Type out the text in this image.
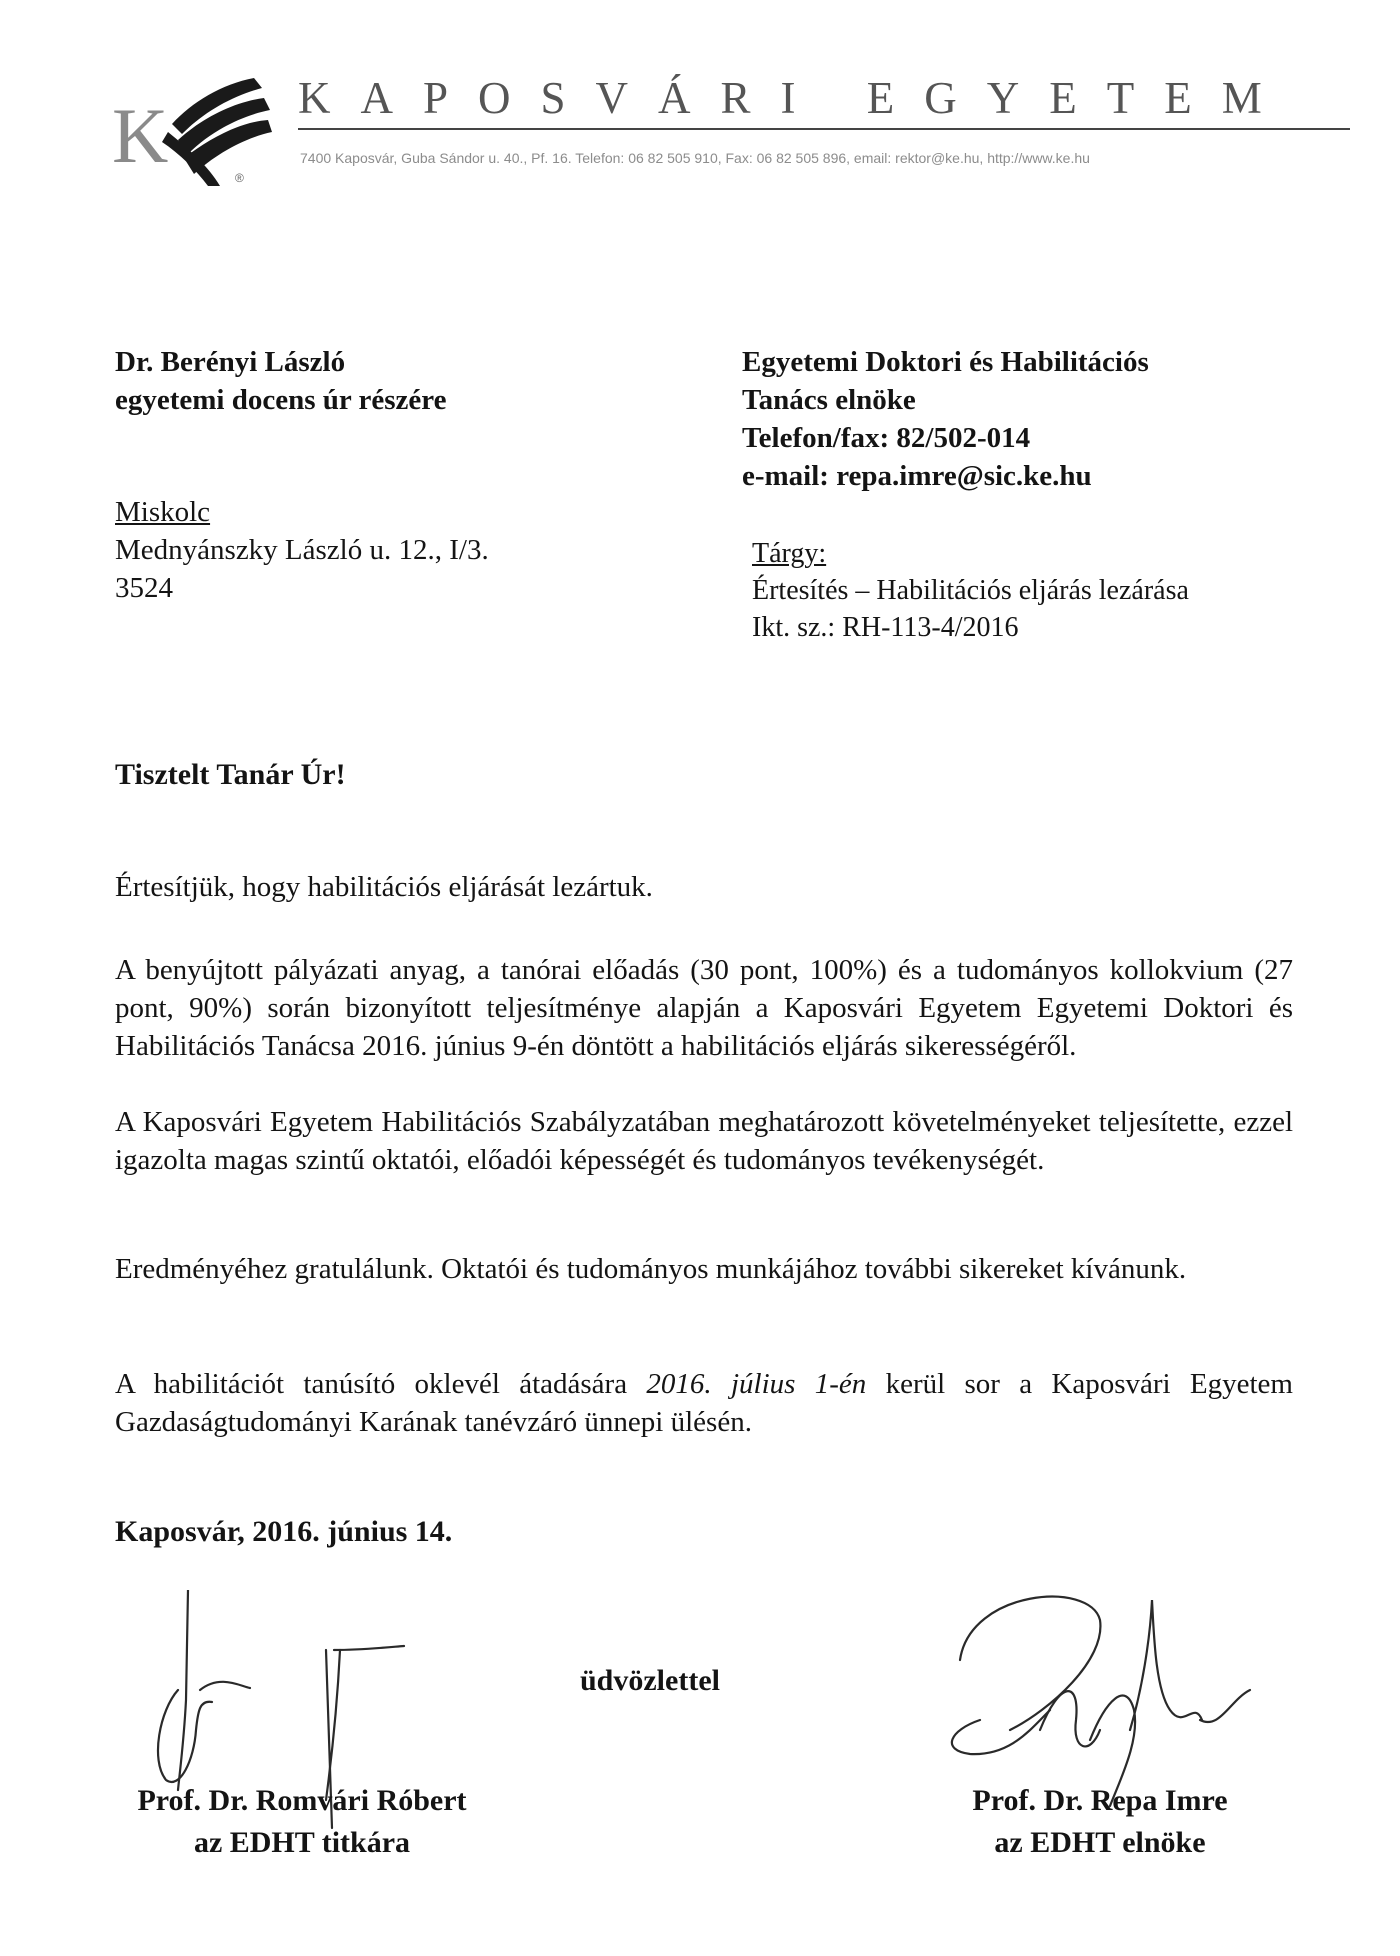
K	®
KAPOSVÁRI EGYETEM
7400 Kaposvár, Guba Sándor u. 40., Pf. 16. Telefon: 06 82 505 910, Fax: 06 82 505 896, email: rektor@ke.hu, http://www.ke.hu
Dr. Berényi László
egyetemi docens úr részére
Miskolc
Mednyánszky László u. 12., I/3.
3524
Egyetemi Doktori és Habilitációs
Tanács elnöke
Telefon/fax: 82/502-014
e-mail: repa.imre@sic.ke.hu
Tárgy:
Értesítés – Habilitációs eljárás lezárása
Ikt. sz.: RH-113-4/2016
Tisztelt Tanár Úr!
Értesítjük, hogy habilitációs eljárását lezártuk.
A benyújtott pályázati anyag, a tanórai előadás (30 pont, 100%) és a tudományos kollokvium (27 pont, 90%) során bizonyított teljesítménye alapján a Kaposvári Egyetem Egyetemi Doktori és Habilitációs Tanácsa 2016. június 9-én döntött a habilitációs eljárás sikerességéről.
A Kaposvári Egyetem Habilitációs Szabályzatában meghatározott követelményeket teljesítette, ezzel igazolta magas szintű oktatói, előadói képességét és tudományos tevékenységét.
Eredményéhez gratulálunk. Oktatói és tudományos munkájához további sikereket kívánunk.
A habilitációt tanúsító oklevél átadására 2016. július 1-én kerül sor a Kaposvári Egyetem Gazdaságtudományi Karának tanévzáró ünnepi ülésén.
Kaposvár, 2016. június 14.
üdvözlettel
Prof. Dr. Romvári Róbert
az EDHT titkára
Prof. Dr. Repa Imre
az EDHT elnöke
